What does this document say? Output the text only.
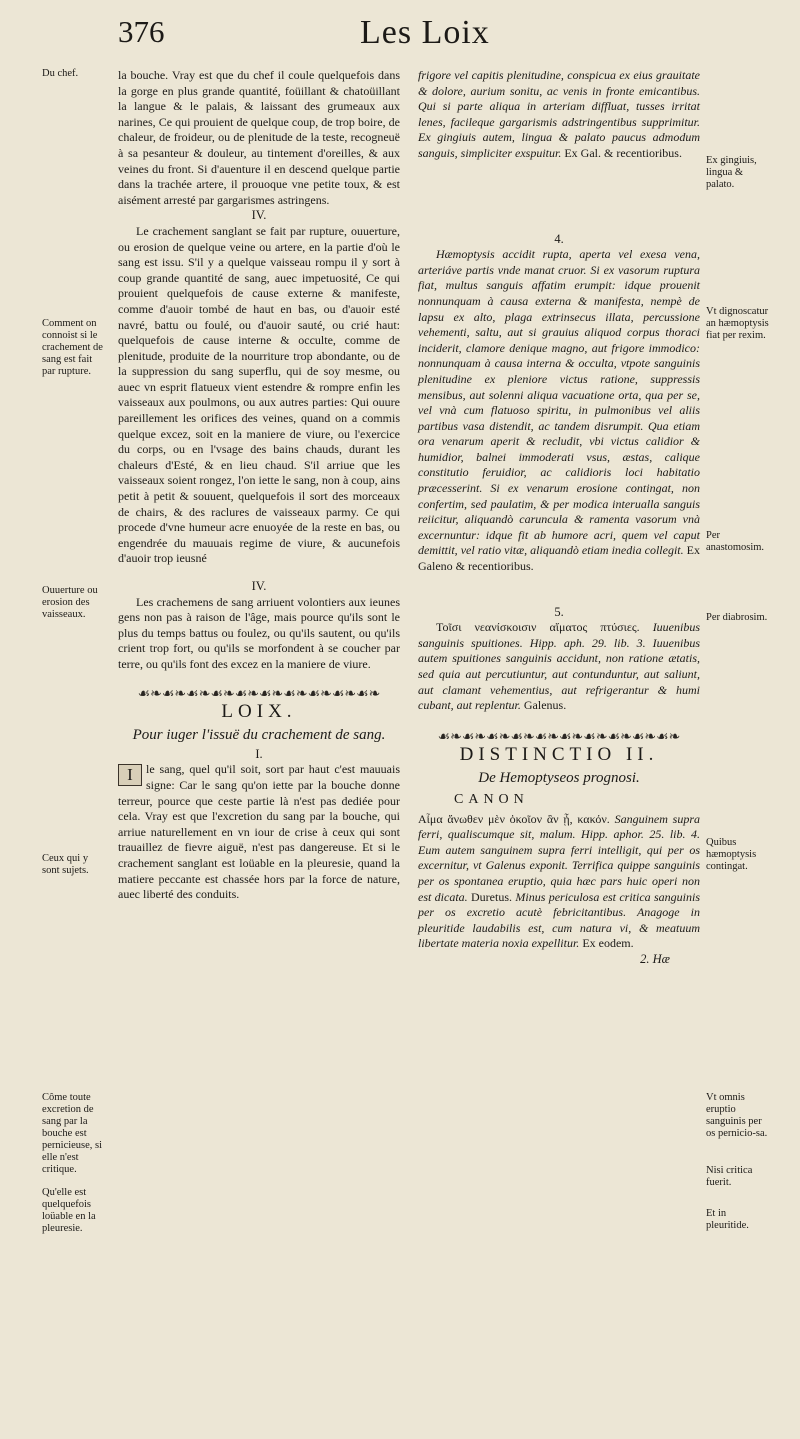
376	Les Loix
Du chef.
Comment on connoist si le crachement de sang est fait par rupture.
Ouuerture ou erosion des vaisseaux.
Ceux qui y sont sujets.
Côme toute excretion de sang par la bouche est pernicieuse, si elle n'est critique.
Qu'elle est quelquefois loüable en la pleuresie.
Ex gingiuis, lingua & palato.
Vt dignoscatur an hæmoptysis fiat per rexim.
Per anastomosim.
Per diabrosim.
Quibus hæmoptysis contingat.
Vt omnis eruptio sanguinis per os pernicio-sa.
Nisi critica fuerit.
Et in pleuritide.

la bouche. Vray est que du chef il coule quelquefois dans la gorge en plus grande quantité, foüillant & chatoüillant la langue & le palais, & laissant des grumeaux aux narines, Ce qui prouient de quelque coup, de trop boire, de chaleur, de froideur, ou de plenitude de la teste, recogneuë à sa pesanteur & douleur, au tintement d'oreilles, & aux veines du front. Si d'auenture il en descend quelque partie dans la trachée artere, il prouoque vne petite toux, & est aisément arresté par gargarismes astringens.

IV.

Le crachement sanglant se fait par rupture, ouuerture, ou erosion de quelque veine ou artere, en la partie d'où le sang est issu. S'il y a quelque vaisseau rompu il y sort à coup grande quantité de sang, auec impetuosité, Ce qui prouient quelquefois de cause externe & manifeste, comme d'auoir tombé de haut en bas, ou d'auoir esté navré, battu ou foulé, ou d'auoir sauté, ou crié haut: quelquefois de cause interne & occulte, comme de plenitude, produite de la nourriture trop abondante, ou de la suppression du sang superflu, qui de soy mesme, ou auec vn esprit flatueux vient estendre & rompre enfin les vaisseaux aux poulmons, ou aux autres parties: Qui ouure pareillement les orifices des veines, quand on a commis quelque excez, soit en la maniere de viure, ou l'exercice du corps, ou en l'vsage des bains chauds, durant les chaleurs d'Esté, & en lieu chaud. S'il arriue que les vaisseaux soient rongez, l'on iette le sang, non à coup, ains petit à petit & souuent, quelquefois il sort des morceaux de chairs, & des raclures de vaisseaux parmy. Ce qui procede d'vne humeur acre enuoyée de la reste en bas, ou engendrée du mauuais regime de viure, & aucunefois d'auoir trop ieusné

IV.

Les crachemens de sang arriuent volontiers aux ieunes gens non pas à raison de l'âge, mais pource qu'ils sont le plus du temps battus ou foulez, ou qu'ils sautent, ou qu'ils crient trop fort, ou qu'ils se morfondent à se coucher par terre, ou qu'ils font des excez en la maniere de viure.

☙❧☙❧☙❧☙❧☙❧☙❧☙❧☙❧☙❧☙❧
LOIX.
Pour iuger l'issuë du crachement de sang.

I.

I	le sang, quel qu'il soit, sort par haut c'est mauuais signe: Car le sang qu'on iette par la bouche donne terreur, pource que ceste partie là n'est pas dediée pour cela. Vray est que l'excretion du sang par la bouche, qui arriue naturellement en vn iour de crise à ceux qui sont trauaillez de fievre aiguë, n'est pas dangereuse. Et si le crachement sanglant est loüable en la pleuresie, quand la matiere peccante est chassée hors par la force de nature, auec liberté des conduits.

frigore vel capitis plenitudine, conspicua ex eius grauitate & dolore, aurium sonitu, ac venis in fronte emicantibus. Qui si parte aliqua in arteriam diffluat, tusses irritat lenes, facileque gargarismis adstringentibus supprimitur. Ex gingiuis autem, lingua & palato paucus admodum sanguis, simpliciter exspuitur. Ex Gal. & recentioribus.

4.

Hæmoptysis accidit rupta, aperta vel exesa vena, arteriáve partis vnde manat cruor. Si ex vasorum ruptura fiat, multus sanguis affatim erumpit: idque prouenit nonnunquam à causa externa & manifesta, nempè de lapsu ex alto, plaga extrinsecus illata, percussione vehementi, saltu, aut si grauius aliquod corpus thoraci inciderit, clamore denique magno, aut frigore immodico: nonnunquam à causa interna & occulta, vtpote sanguinis plenitudine ex pleniore victus ratione, suppressis mensibus, aut solenni aliqua vacuatione orta, qua per se, vel vnà cum flatuoso spiritu, in pulmonibus vel aliis partibus vasa distendit, ac tandem disrumpit. Qua etiam ora venarum aperit & recludit, vbi victus calidior & humidior, balnei immoderati vsus, æstas, calique constitutio feruidior, ac calidioris loci habitatio præcesserint. Si ex venarum erosione contingat, non confertim, sed paulatim, & per modica interualla sanguis reiicitur, aliquandò caruncula & ramenta vasorum vnà excernuntur: idque fit ab humore acri, quem vel caput demittit, vel ratio vitæ, aliquandò etiam inedia collegit. Ex Galeno & recentioribus.

5.

Τοῖσι νεανίσκοισιν αἵματος πτύσιες. Iuuenibus sanguinis spuitiones. Hipp. aph. 29. lib. 3. Iuuenibus autem spuitiones sanguinis accidunt, non ratione ætatis, sed quia aut percutiuntur, aut contunduntur, aut saliunt, aut clamant vehementius, aut refrigerantur & humi cubant, aut replentur. Galenus.

☙❧☙❧☙❧☙❧☙❧☙❧☙❧☙❧☙❧☙❧
DISTINCTIO II.
De Hemoptyseos prognosi.
CANON

Αἷμα ἄνωθεν μὲν ὁκοῖον ἂν ᾖ, κακόν. Sanguinem supra ferri, qualiscumque sit, malum. Hipp. aphor. 25. lib. 4. Eum autem sanguinem supra ferri intelligit, qui per os excernitur, vt Galenus exponit. Terrifica quippe sanguinis per os spontanea eruptio, quia hæc pars huic operi non est dicata. Duretus. Minus periculosa est critica sanguinis per os excretio acutè febricitantibus. Anagoge in pleuritide laudabilis est, cum natura vi, & meatuum libertate materia noxia expellitur. Ex eodem.

2. Hæ
